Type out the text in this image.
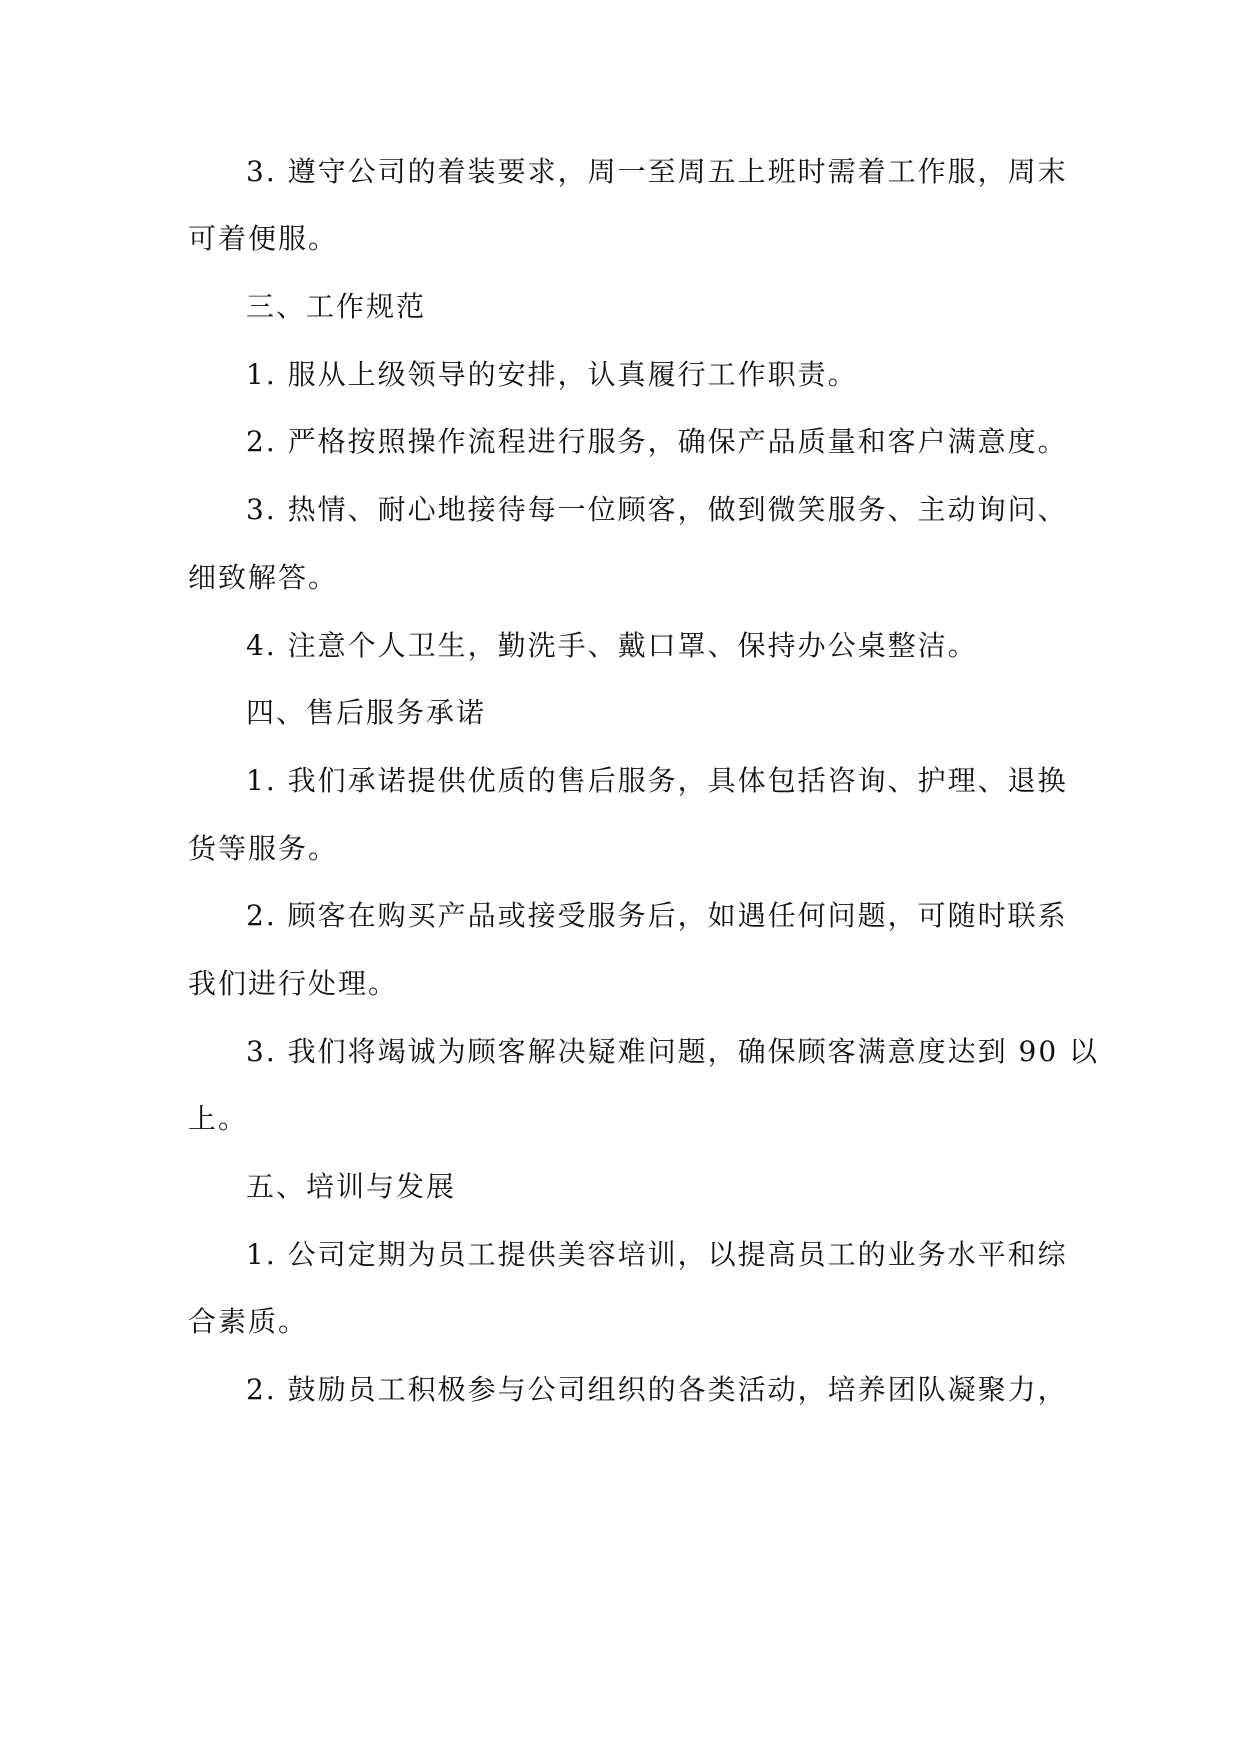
3. 遵守公司的着装要求，周一至周五上班时需着工作服，周末
可着便服。
三、工作规范
1. 服从上级领导的安排，认真履行工作职责。
2. 严格按照操作流程进行服务，确保产品质量和客户满意度。
3. 热情、耐心地接待每一位顾客，做到微笑服务、主动询问、
细致解答。
4. 注意个人卫生，勤洗手、戴口罩、保持办公桌整洁。
四、售后服务承诺
1. 我们承诺提供优质的售后服务，具体包括咨询、护理、退换
货等服务。
2. 顾客在购买产品或接受服务后，如遇任何问题，可随时联系
我们进行处理。
3. 我们将竭诚为顾客解决疑难问题，确保顾客满意度达到 90 以
上。
五、培训与发展
1. 公司定期为员工提供美容培训，以提高员工的业务水平和综
合素质。
2. 鼓励员工积极参与公司组织的各类活动，培养团队凝聚力，
